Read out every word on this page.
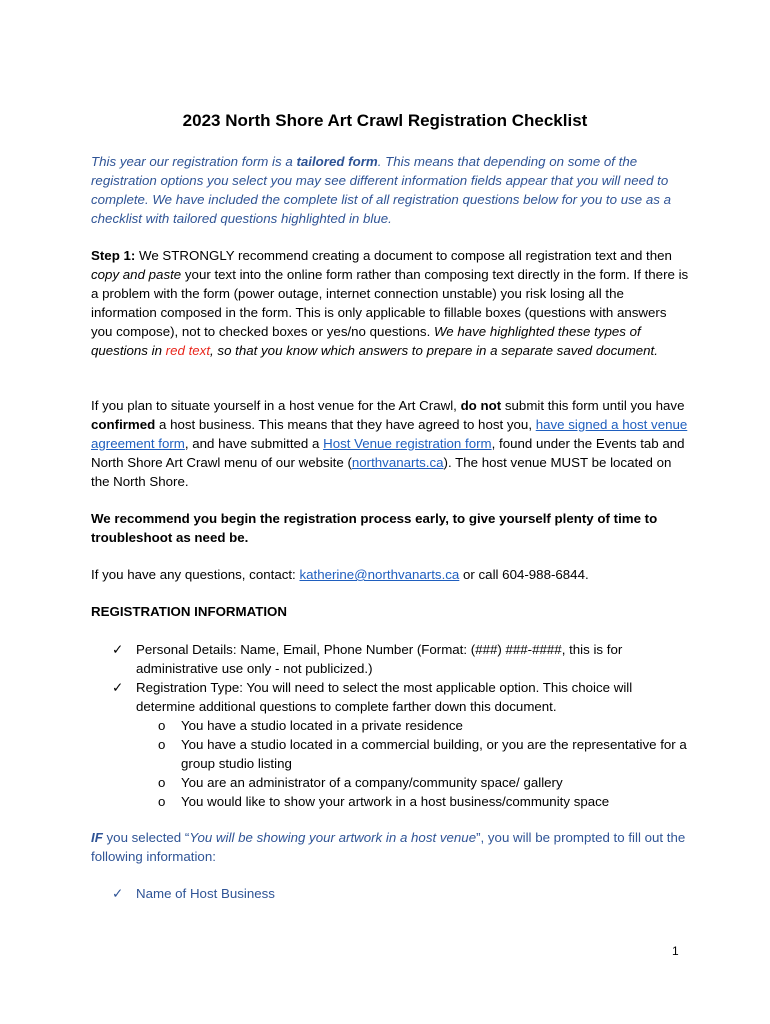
2023 North Shore Art Crawl Registration Checklist
This year our registration form is a tailored form. This means that depending on some of the registration options you select you may see different information fields appear that you will need to complete. We have included the complete list of all registration questions below for you to use as a checklist with tailored questions highlighted in blue.
Step 1: We STRONGLY recommend creating a document to compose all registration text and then copy and paste your text into the online form rather than composing text directly in the form. If there is a problem with the form (power outage, internet connection unstable) you risk losing all the information composed in the form. This is only applicable to fillable boxes (questions with answers you compose), not to checked boxes or yes/no questions. We have highlighted these types of questions in red text, so that you know which answers to prepare in a separate saved document.
If you plan to situate yourself in a host venue for the Art Crawl, do not submit this form until you have confirmed a host business. This means that they have agreed to host you, have signed a host venue agreement form, and have submitted a Host Venue registration form, found under the Events tab and North Shore Art Crawl menu of our website (northvanarts.ca). The host venue MUST be located on the North Shore.
We recommend you begin the registration process early, to give yourself plenty of time to troubleshoot as need be.
If you have any questions, contact: katherine@northvanarts.ca or call 604-988-6844.
REGISTRATION INFORMATION
✓ Personal Details: Name, Email, Phone Number (Format: (###) ###-####, this is for administrative use only - not publicized.)
✓ Registration Type: You will need to select the most applicable option. This choice will determine additional questions to complete farther down this document.
o You have a studio located in a private residence
o You have a studio located in a commercial building, or you are the representative for a group studio listing
o You are an administrator of a company/community space/ gallery
o You would like to show your artwork in a host business/community space
IF you selected “You will be showing your artwork in a host venue”, you will be prompted to fill out the following information:
✓ Name of Host Business
1
